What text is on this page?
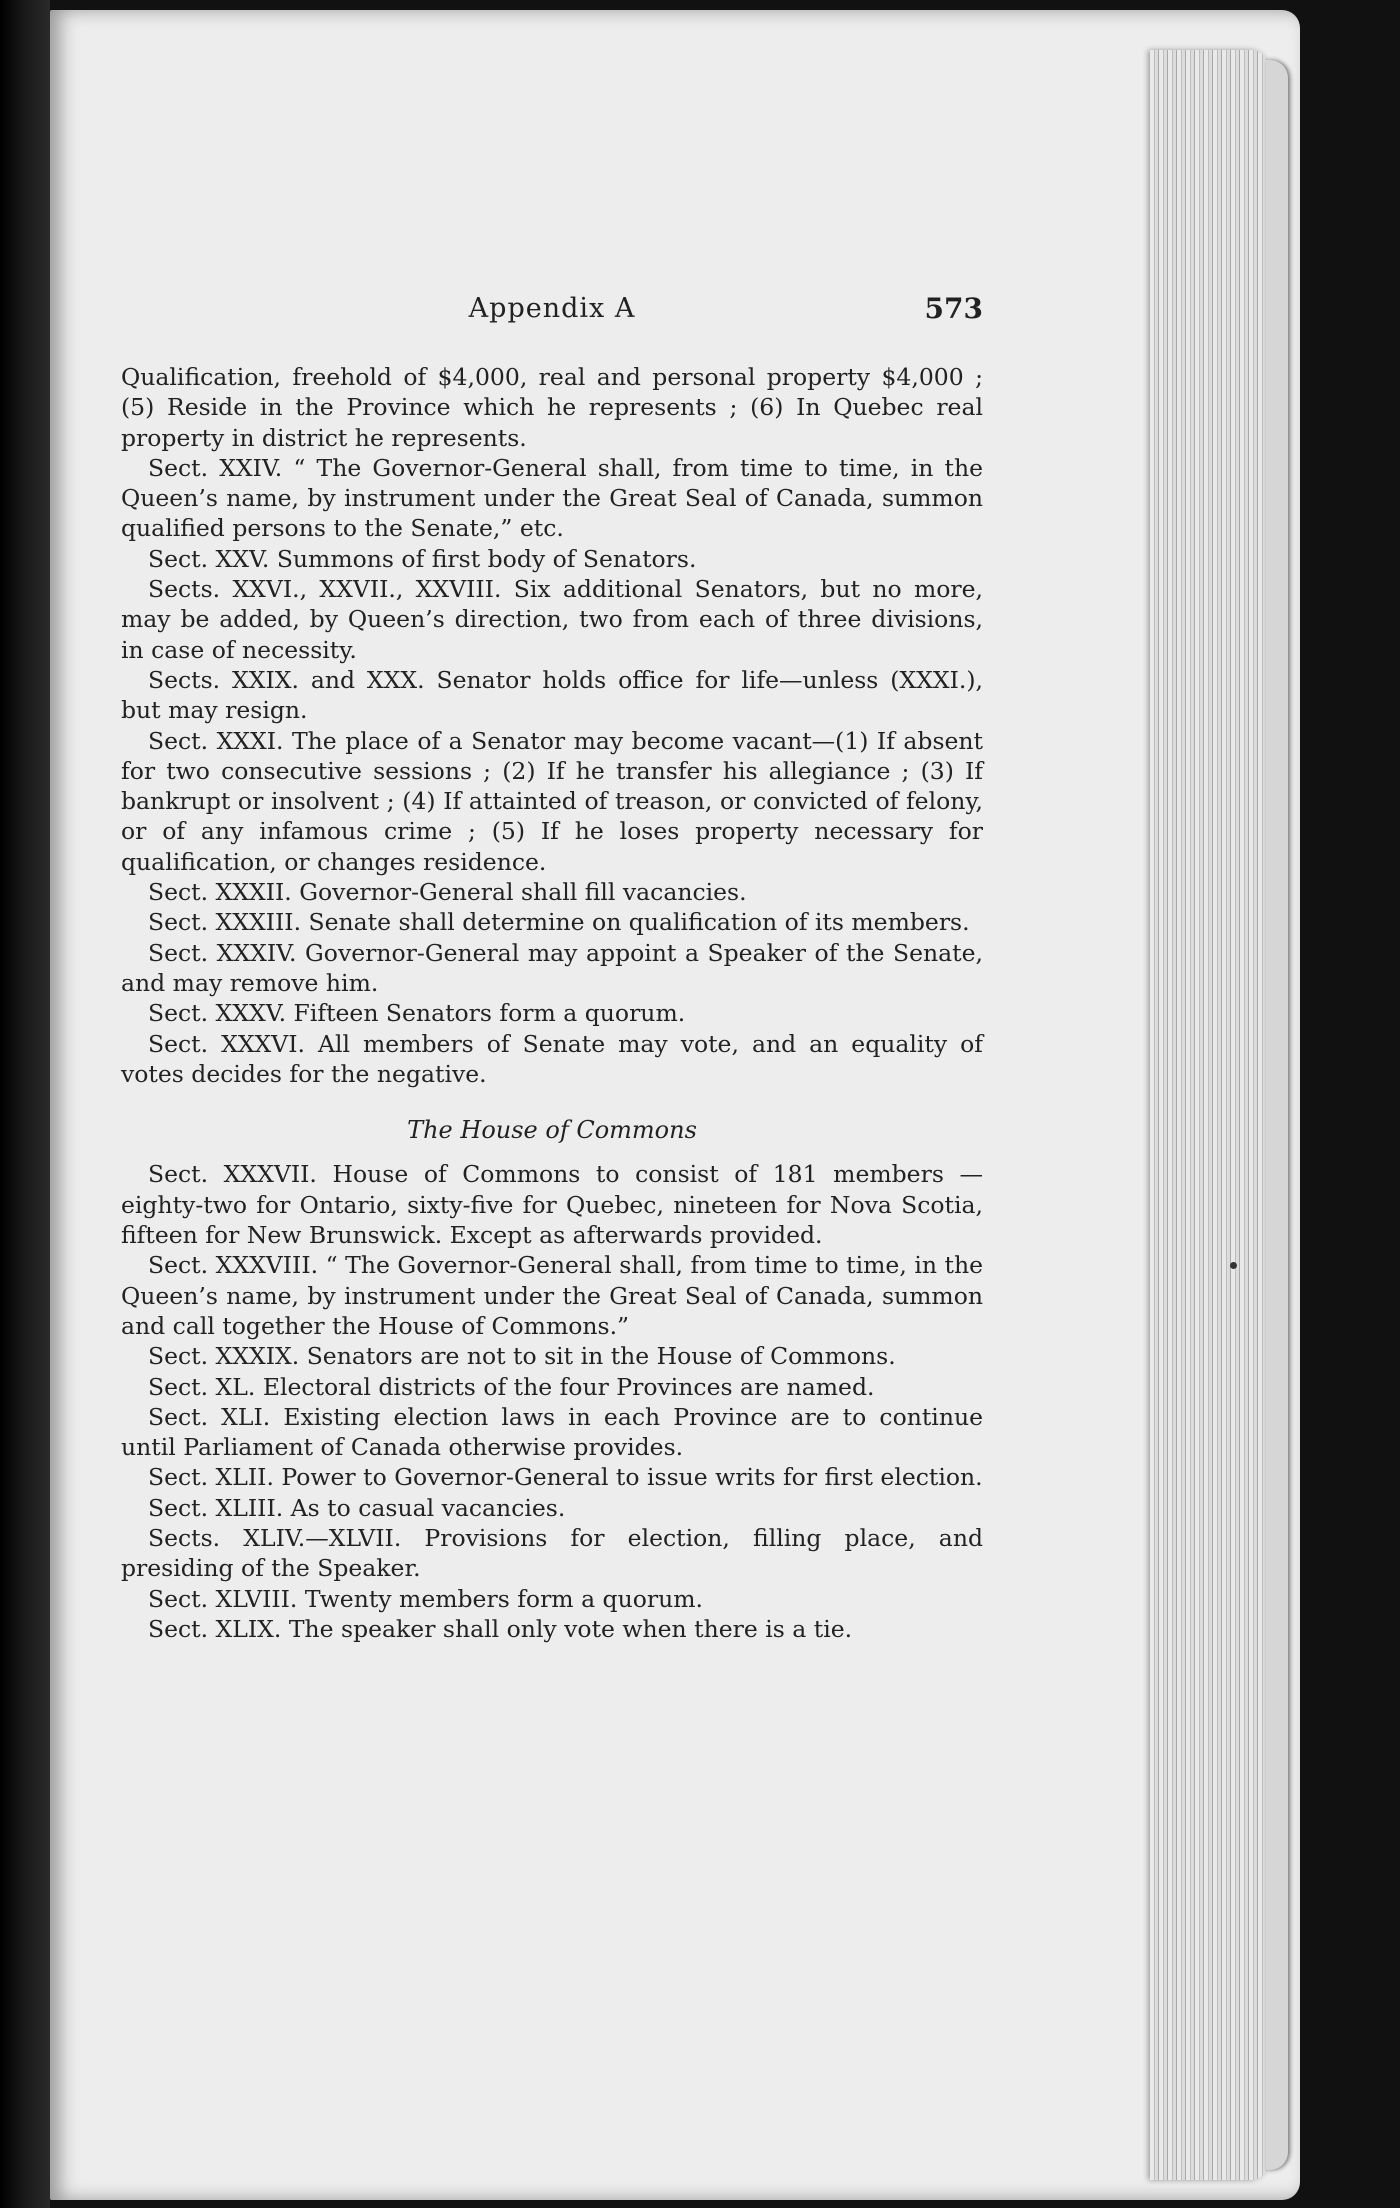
Appendix A	573

Qualification, freehold of $4,000, real and personal property $4,000 ; (5) Reside in the Province which he represents ; (6) In Quebec real property in district he represents.

Sect. XXIV. “ The Governor-General shall, from time to time, in the Queen’s name, by instrument under the Great Seal of Canada, summon qualified persons to the Senate,” etc.

Sect. XXV. Summons of first body of Senators.

Sects. XXVI., XXVII., XXVIII. Six additional Senators, but no more, may be added, by Queen’s direction, two from each of three divisions, in case of necessity.

Sects. XXIX. and XXX. Senator holds office for life—unless (XXXI.), but may resign.

Sect. XXXI. The place of a Senator may become vacant—(1) If absent for two consecutive sessions ; (2) If he transfer his allegiance ; (3) If bankrupt or insolvent ; (4) If attainted of treason, or convicted of felony, or of any infamous crime ; (5) If he loses property necessary for qualification, or changes residence.

Sect. XXXII. Governor-General shall fill vacancies.

Sect. XXXIII. Senate shall determine on qualification of its members.

Sect. XXXIV. Governor-General may appoint a Speaker of the Senate, and may remove him.

Sect. XXXV. Fifteen Senators form a quorum.

Sect. XXXVI. All members of Senate may vote, and an equality of votes decides for the negative.

The House of Commons

Sect. XXXVII. House of Commons to consist of 181 members —eighty-two for Ontario, sixty-five for Quebec, nineteen for Nova Scotia, fifteen for New Brunswick. Except as afterwards provided.

Sect. XXXVIII. “ The Governor-General shall, from time to time, in the Queen’s name, by instrument under the Great Seal of Canada, summon and call together the House of Commons.”

Sect. XXXIX. Senators are not to sit in the House of Commons.

Sect. XL. Electoral districts of the four Provinces are named.

Sect. XLI. Existing election laws in each Province are to continue until Parliament of Canada otherwise provides.

Sect. XLII. Power to Governor-General to issue writs for first election.

Sect. XLIII. As to casual vacancies.

Sects. XLIV.—XLVII. Provisions for election, filling place, and presiding of the Speaker.

Sect. XLVIII. Twenty members form a quorum.

Sect. XLIX. The speaker shall only vote when there is a tie.
